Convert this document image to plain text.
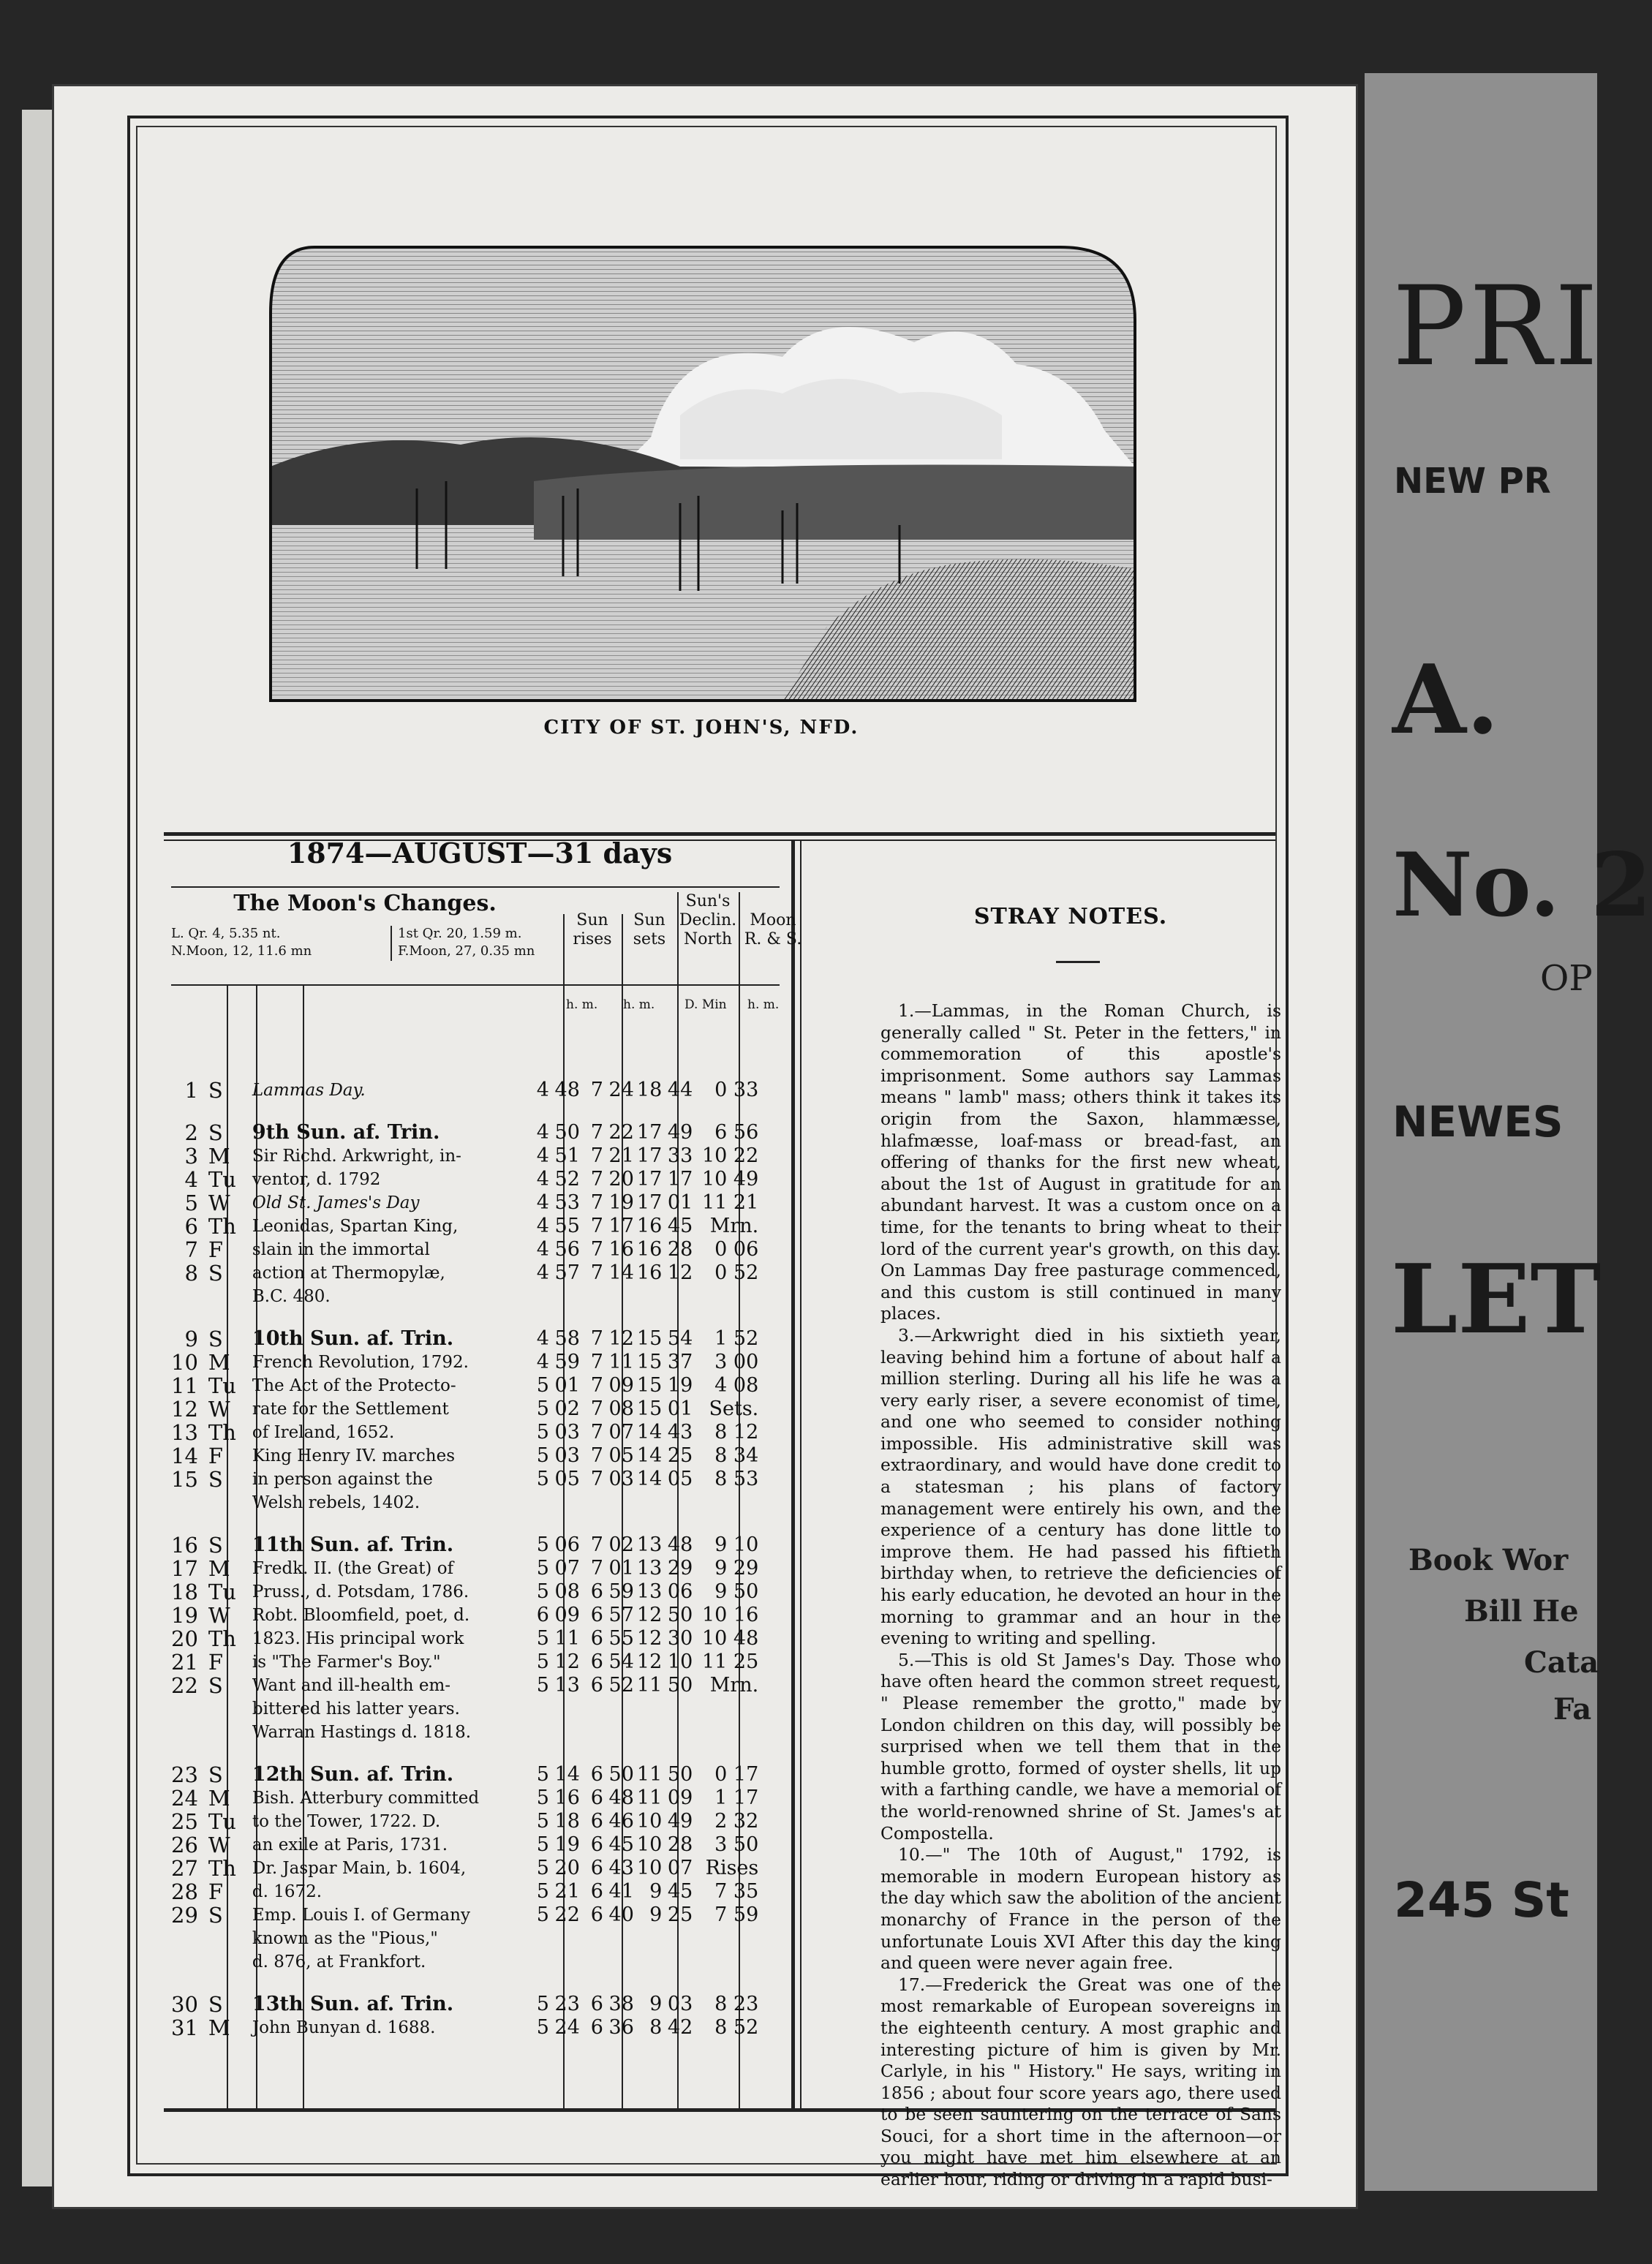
PRI
NEW PR
A.
No. 2
OP
NEWES
LET
Book Wor
Bill He
Cata
Fa
245 St
CITY OF ST. JOHN'S, NFD.
1874—AUGUST—31 days
The Moon's Changes.
L. Qr. 4, 5.35 nt.	1st Qr. 20, 1.59 m.
N.Moon, 12, 11.6 mn	F.Moon, 27, 0.35 mn
Sun
rises
Sun
sets
Sun's
Declin.
North
Moon
R. & S.
h. m. h. m. D. Min h. m.
1	S	Lammas Day.	4	48	7	24	18	44	0 33

2	S	9th Sun. af. Trin.	4	50	7	22	17	49	6 56
3	M	Sir Richd. Arkwright, in-	4	51	7	21	17	33	10 22
4	Tu	ventor, d. 1792	4	52	7	20	17	17	10 49
5	W	Old St. James's Day	4	53	7	19	17	01	11 21
6	Th	Leonidas, Spartan King,	4	55	7	17	16	45	Mrn.
7	F	slain in the immortal	4	56	7	16	16	28	0 06
8	S	action at Thermopylæ,	4	57	7	14	16	12	0 52
		B.C. 480.							

9	S	10th Sun. af. Trin.	4	58	7	12	15	54	1 52
10	M	French Revolution, 1792.	4	59	7	11	15	37	3 00
11	Tu	The Act of the Protecto-	5	01	7	09	15	19	4 08
12	W	rate for the Settlement	5	02	7	08	15	01	Sets.
13	Th	of Ireland, 1652.	5	03	7	07	14	43	8 12
14	F	King Henry IV. marches	5	03	7	05	14	25	8 34
15	S	in person against the	5	05	7	03	14	05	8 53
		Welsh rebels, 1402.							

16	S	11th Sun. af. Trin.	5	06	7	02	13	48	9 10
17	M	Fredk. II. (the Great) of	5	07	7	01	13	29	9 29
18	Tu	Pruss., d. Potsdam, 1786.	5	08	6	59	13	06	9 50
19	W	Robt. Bloomfield, poet, d.	6	09	6	57	12	50	10 16
20	Th	1823. His principal work	5	11	6	55	12	30	10 48
21	F	is "The Farmer's Boy."	5	12	6	54	12	10	11 25
22	S	Want and ill-health em-	5	13	6	52	11	50	Mrn.
		bittered his latter years.							
		Warran Hastings d. 1818.							

23	S	12th Sun. af. Trin.	5	14	6	50	11	50	0 17
24	M	Bish. Atterbury committed	5	16	6	48	11	09	1 17
25	Tu	to the Tower, 1722. D.	5	18	6	46	10	49	2 32
26	W	an exile at Paris, 1731.	5	19	6	45	10	28	3 50
27	Th	Dr. Jaspar Main, b. 1604,	5	20	6	43	10	07	Rises
28	F	d. 1672.	5	21	6	41	9	45	7 35
29	S	Emp. Louis I. of Germany	5	22	6	40	9	25	7 59
		known as the "Pious,"							
		d. 876, at Frankfort.							

30	S	13th Sun. af. Trin.	5	23	6	38	9	03	8 23
31	M	John Bunyan d. 1688.	5	24	6	36	8	42	8 52
STRAY NOTES.

1.—Lammas, in the Roman Church, is generally called " St. Peter in the fetters," in commemoration of this apostle's imprisonment. Some authors say Lammas means " lamb" mass; others think it takes its origin from the Saxon, hlammæsse, hlafmæsse, loaf-mass or bread-fast, an offering of thanks for the first new wheat, about the 1st of August in gratitude for an abundant harvest. It was a custom once on a time, for the tenants to bring wheat to their lord of the current year's growth, on this day. On Lammas Day free pasturage commenced, and this custom is still continued in many places.

3.—Arkwright died in his sixtieth year, leaving behind him a fortune of about half a million sterling. During all his life he was a very early riser, a severe economist of time, and one who seemed to consider nothing impossible. His administrative skill was extraordinary, and would have done credit to a statesman ; his plans of factory management were entirely his own, and the experience of a century has done little to improve them. He had passed his fiftieth birthday when, to retrieve the deficiencies of his early education, he devoted an hour in the morning to grammar and an hour in the evening to writing and spelling.

5.—This is old St James's Day. Those who have often heard the common street request, " Please remember the grotto," made by London children on this day, will possibly be surprised when we tell them that in the humble grotto, formed of oyster shells, lit up with a farthing candle, we have a memorial of the world-renowned shrine of St. James's at Compostella.

10.—" The 10th of August," 1792, is memorable in modern European history as the day which saw the abolition of the ancient monarchy of France in the person of the unfortunate Louis XVI After this day the king and queen were never again free.

17.—Frederick the Great was one of the most remarkable of European sovereigns in the eighteenth century. A most graphic and interesting picture of him is given by Mr. Carlyle, in his " History." He says, writing in 1856 ; about four score years ago, there used to be seen sauntering on the terrace of Sans Souci, for a short time in the afternoon—or you might have met him elsewhere at an earlier hour, riding or driving in a rapid busi-
